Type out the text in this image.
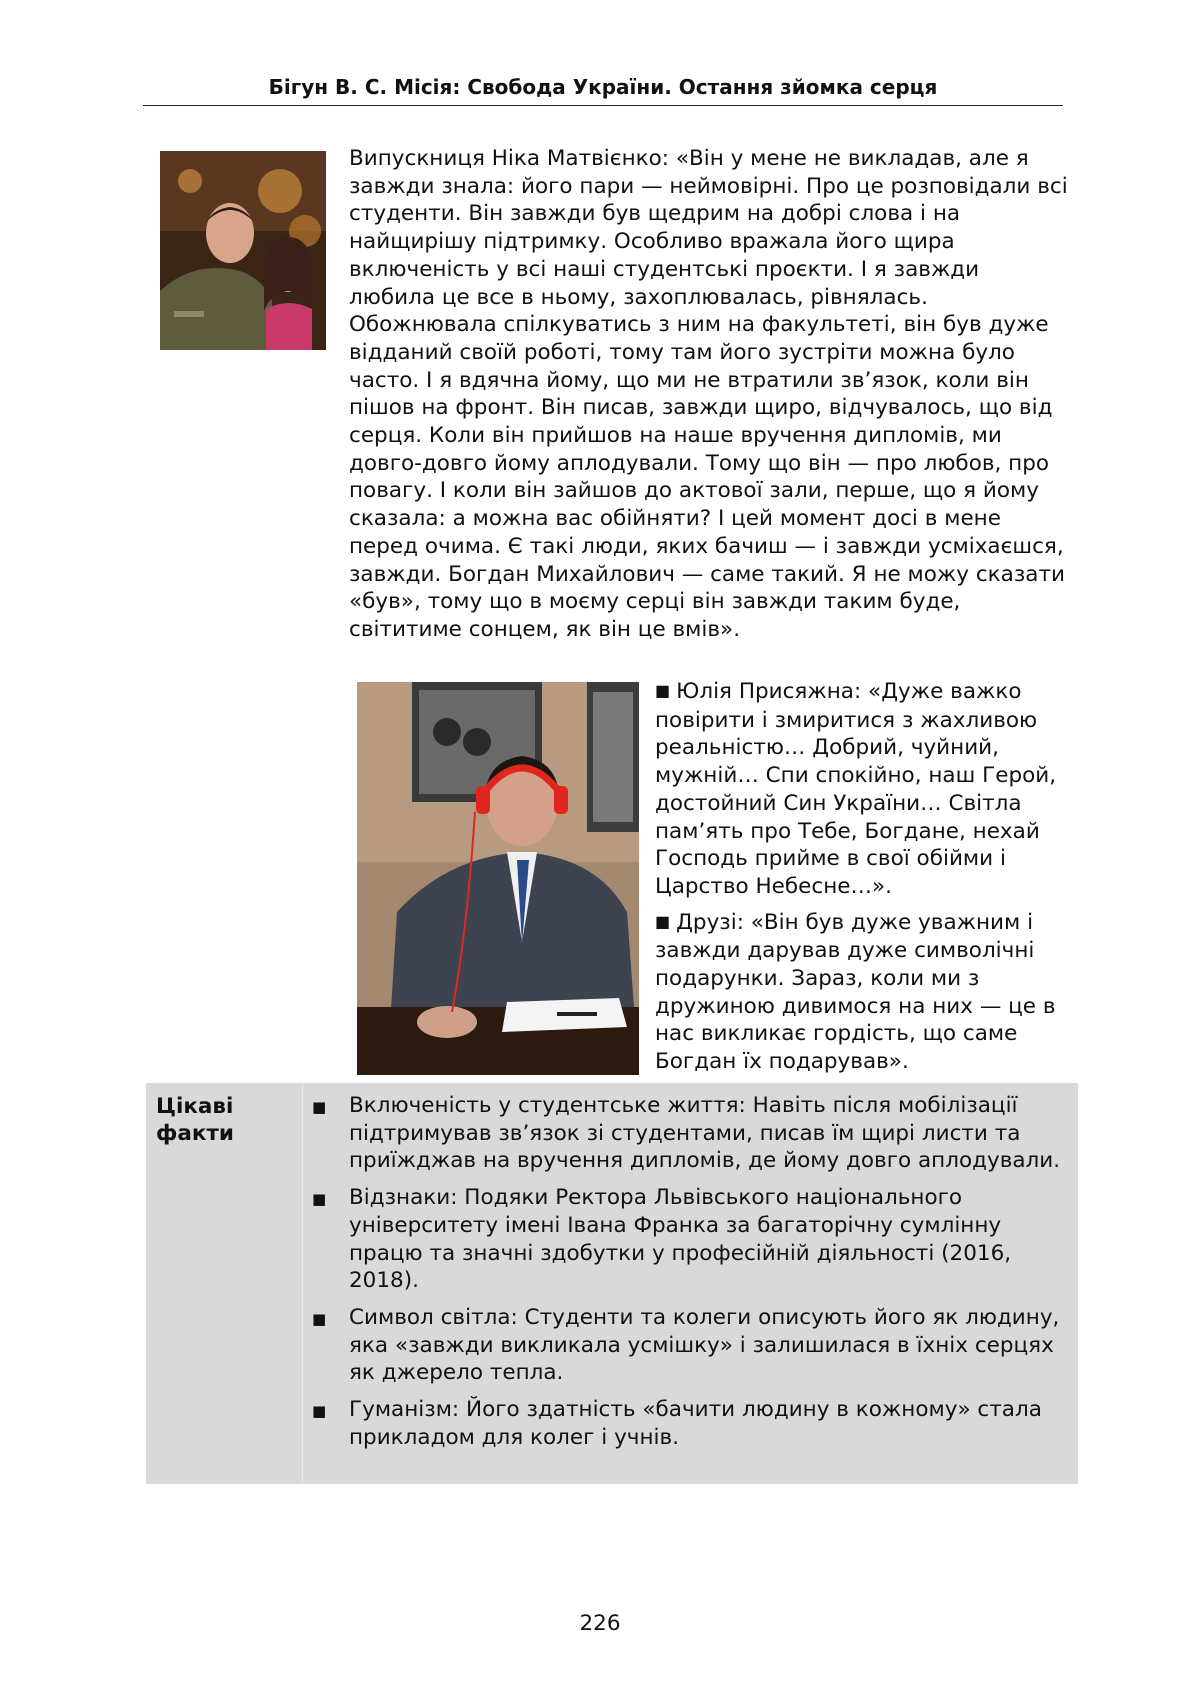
Бігун В. С. Місія: Свобода України. Остання зйомка серця
Випускниця Ніка Матвієнко: «Він у мене не викладав, але я завжди знала: його пари — неймовірні. Про це розповідали всі студенти. Він завжди був щедрим на добрі слова і на найщирішу підтримку. Особливо вражала його щира включеність у всі наші студентські проєкти. І я завжди любила це все в ньому, захоплювалась, рівнялась. Обожнювала спілкуватись з ним на факультеті, він був дуже відданий своїй роботі, тому там його зустріти можна було часто. І я вдячна йому, що ми не втратили зв’язок, коли він пішов на фронт. Він писав, завжди щиро, відчувалось, що від серця. Коли він прийшов на наше вручення дипломів, ми довго-довго йому аплодували. Тому що він — про любов, про повагу. І коли він зайшов до актової зали, перше, що я йому сказала: а можна вас обійняти? І цей момент досі в мене перед очима. Є такі люди, яких бачиш — і завжди усміхаєшся, завжди. Богдан Михайлович — саме такий. Я не можу сказати «був», тому що в моєму серці він завжди таким буде, світитиме сонцем, як він це вмів».

■ Юлія Присяжна: «Дуже важко повірити і змиритися з жахливою реальністю… Добрий, чуйний, мужній… Спи спокійно, наш Герой, достойний Син України… Світла пам’ять про Тебе, Богдане, нехай Господь прийме в свої обійми і Царство Небесне…».

■ Друзі: «Він був дуже уважним і завжди дарував дуже символічні подарунки. Зараз, коли ми з дружиною дивимося на них — це в нас викликає гордість, що саме Богдан їх подарував».

Цікаві факти
■ Включеність у студентське життя: Навіть після мобілізації підтримував зв’язок зі студентами, писав їм щирі листи та приїжджав на вручення дипломів, де йому довго аплодували.
■ Відзнаки: Подяки Ректора Львівського національного університету імені Івана Франка за багаторічну сумлінну працю та значні здобутки у професійній діяльності (2016, 2018).
■ Символ світла: Студенти та колеги описують його як людину, яка «завжди викликала усмішку» і залишилася в їхніх серцях як джерело тепла.
■ Гуманізм: Його здатність «бачити людину в кожному» стала прикладом для колег і учнів.
226
